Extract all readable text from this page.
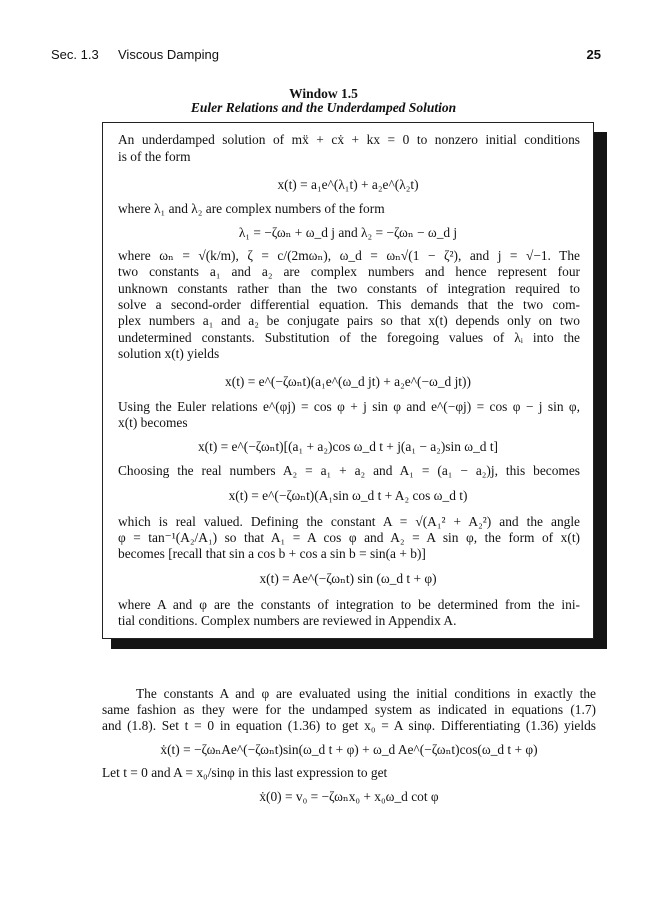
Sec. 1.3 Viscous Damping	25
Window 1.5
Euler Relations and the Underdamped Solution
An underdamped solution of mẍ + cẋ + kx = 0 to nonzero initial conditions
is of the form
x(t) = a₁e^(λ₁t) + a₂e^(λ₂t)
where λ₁ and λ₂ are complex numbers of the form
λ₁ = −ζωₙ + ω_d j and λ₂ = −ζωₙ − ω_d j
where ωₙ = √(k/m), ζ = c/(2mωₙ), ω_d = ωₙ√(1 − ζ²), and j = √−1. The
two constants a₁ and a₂ are complex numbers and hence represent four
unknown constants rather than the two constants of integration required to
solve a second-order differential equation. This demands that the two com-
plex numbers a₁ and a₂ be conjugate pairs so that x(t) depends only on two
undetermined constants. Substitution of the foregoing values of λᵢ into the
solution x(t) yields
x(t) = e^(−ζωₙt)(a₁e^(ω_d jt) + a₂e^(−ω_d jt))
Using the Euler relations e^(φj) = cos φ + j sin φ and e^(−φj) = cos φ − j sin φ,
x(t) becomes
x(t) = e^(−ζωₙt)[(a₁ + a₂)cos ω_d t + j(a₁ − a₂)sin ω_d t]
Choosing the real numbers A₂ = a₁ + a₂ and A₁ = (a₁ − a₂)j, this becomes
x(t) = e^(−ζωₙt)(A₁sin ω_d t + A₂ cos ω_d t)
which is real valued. Defining the constant A = √(A₁² + A₂²) and the angle
φ = tan⁻¹(A₂/A₁) so that A₁ = A cos φ and A₂ = A sin φ, the form of x(t)
becomes [recall that sin a cos b + cos a sin b = sin(a + b)]
x(t) = Ae^(−ζωₙt) sin (ω_d t + φ)
where A and φ are the constants of integration to be determined from the ini-
tial conditions. Complex numbers are reviewed in Appendix A.
The constants A and φ are evaluated using the initial conditions in exactly the
same fashion as they were for the undamped system as indicated in equations (1.7)
and (1.8). Set t = 0 in equation (1.36) to get x₀ = A sinφ. Differentiating (1.36) yields
ẋ(t) = −ζωₙAe^(−ζωₙt)sin(ω_d t + φ) + ω_d Ae^(−ζωₙt)cos(ω_d t + φ)
Let t = 0 and A = x₀/sinφ in this last expression to get
ẋ(0) = v₀ = −ζωₙx₀ + x₀ω_d cot φ
